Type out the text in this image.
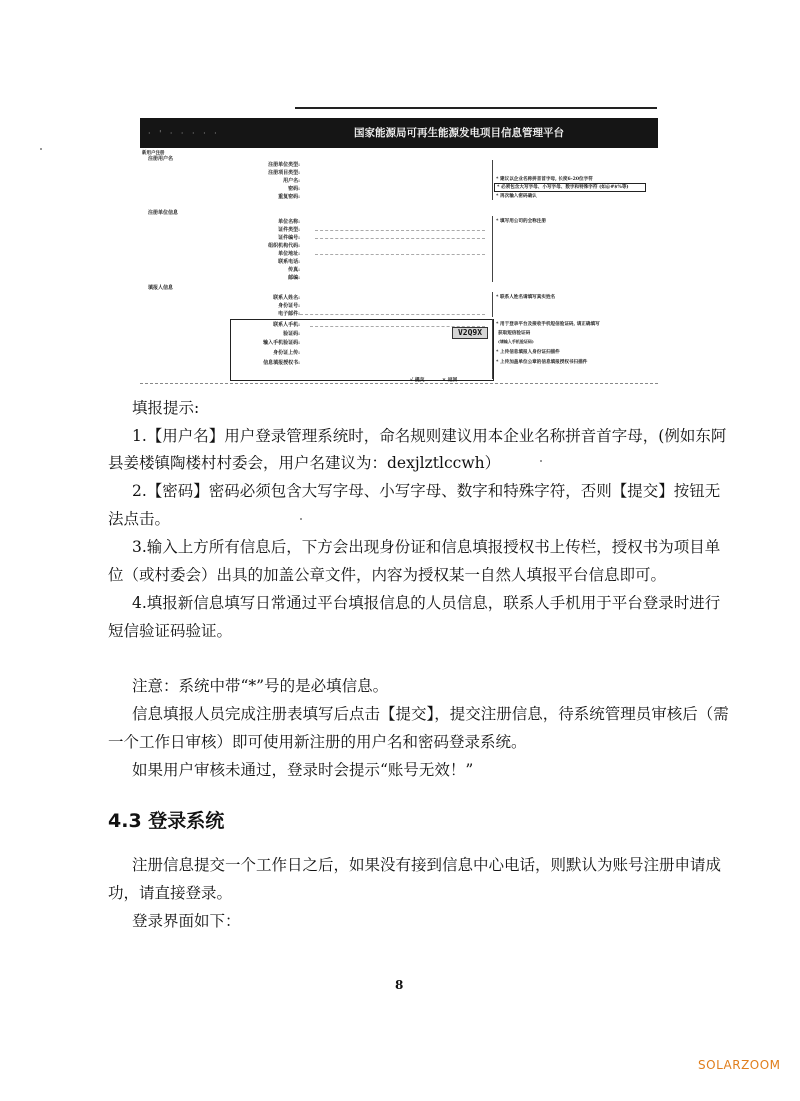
· ' · · · · ·	国家能源局可再生能源发电项目信息管理平台
新用户注册
注册用户名
注册单位类型:
注册项目类型:
用户名:
密码:
重复密码:
* 建议以企业名称拼音首字母, 长度6-20位字符
* 必须包含大写字母、小写字母、数字和特殊字符 (如@#$%等)
* 再次输入密码确认
注册单位信息
单位名称:
证件类型:
证件编号:
组织机构代码:
单位地址:
联系电话:
传真:
邮编:
* 填写用公司的全称注册
填报人信息
联系人姓名:
身份证号:
电子邮件:
* 联系人姓名请填写真实姓名
联系人手机:
验证码:
输入手机验证码:
身份证上传:
信息填报授权书:
V2Q9X
* 用于登录平台及接收手机短信验证码, 请正确填写
获取短信验证码
(请输入手机验证码)
* 上传信息填报人身份证扫描件
* 上传加盖单位公章的信息填报授权书扫描件
√ 提交	× 返回
填报提示:
1.【用户名】用户登录管理系统时，命名规则建议用本企业名称拼音首字母，(例如东阿
县姜楼镇陶楼村村委会，用户名建议为：dexjlztlccwh）
2.【密码】密码必须包含大写字母、小写字母、数字和特殊字符，否则【提交】按钮无
法点击。
3.输入上方所有信息后，下方会出现身份证和信息填报授权书上传栏，授权书为项目单
位（或村委会）出具的加盖公章文件，内容为授权某一自然人填报平台信息即可。
4.填报新信息填写日常通过平台填报信息的人员信息，联系人手机用于平台登录时进行
短信验证码验证。
注意：系统中带“*”号的是必填信息。
信息填报人员完成注册表填写后点击【提交】，提交注册信息，待系统管理员审核后（需
一个工作日审核）即可使用新注册的用户名和密码登录系统。
如果用户审核未通过，登录时会提示“账号无效！”
4.3 登录系统
注册信息提交一个工作日之后，如果没有接到信息中心电话，则默认为账号注册申请成
功，请直接登录。
登录界面如下：
8
SOLARZOOM
